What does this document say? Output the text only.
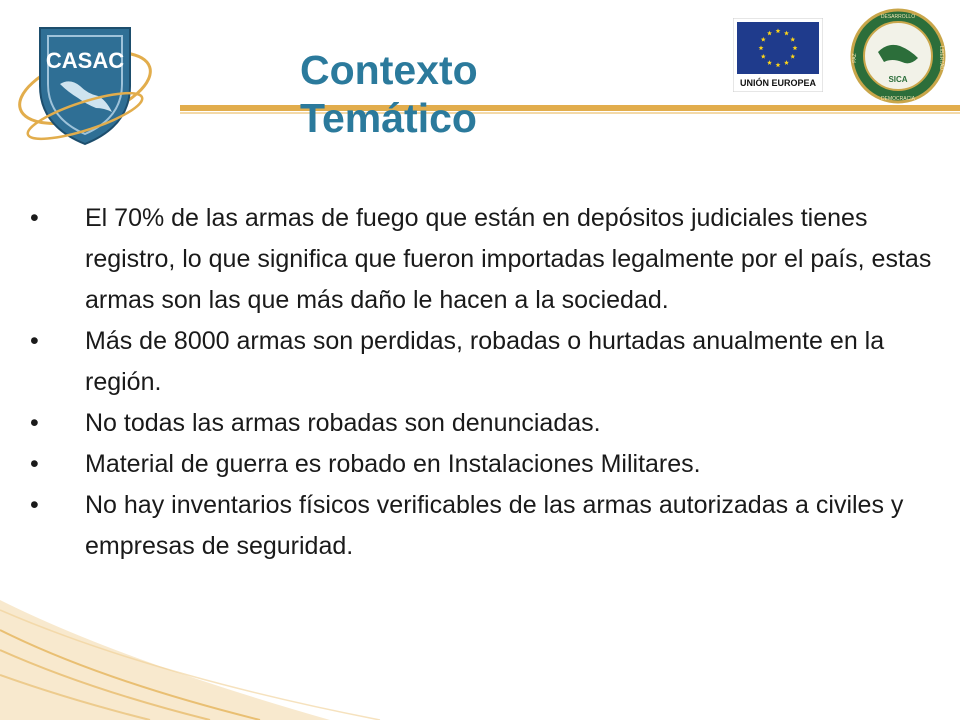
CASAC	Contexto
Temático
UNIÓN EUROPEA	SICA
DESARROLLO
LIBERTAD
DEMOCRACIA
PAZ
•	El 70% de las armas de fuego que están en depósitos judiciales tienes registro, lo que significa que fueron importadas legalmente por el país, estas armas son las que más daño le hacen a la sociedad.
•	Más de 8000 armas son perdidas, robadas o hurtadas anualmente en la región.
•	No todas las armas robadas son denunciadas.
•	Material de guerra es robado en Instalaciones Militares.
•	No hay inventarios físicos verificables de las armas autorizadas a civiles y empresas de seguridad.
